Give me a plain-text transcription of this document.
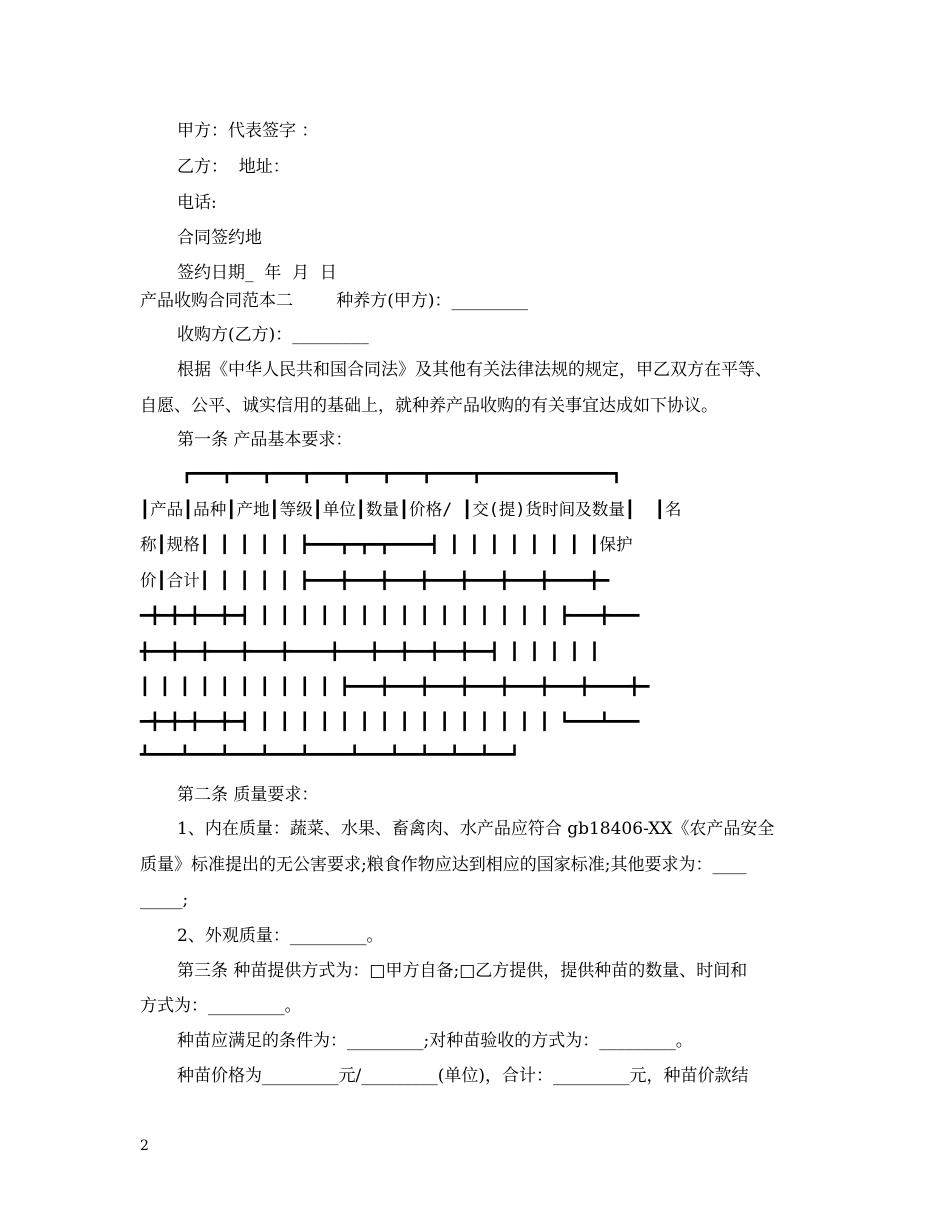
甲方：代表签字 ：
乙方：  地址：
电话:
合同签约地
签约日期_  年  月  日
产品收购合同范本二        种养方(甲方)：_________
收购方(乙方)：_________
根据《中华人民共和国合同法》及其他有关法律法规的规定，甲乙双方在平等、
自愿、公平、诚实信用的基础上，就种养产品收购的有关事宜达成如下协议。
第一条 产品基本要求：
┏━━━┳━━━┳━━━┳━━━┳━━━┳━━━┳━━━━┳━━━━━━━━━━━━━┓
┃产品┃品种┃产地┃等级┃单位┃数量┃价格/ ┃交(提)货时间及数量┃  ┃名
称┃规格┃ ┃ ┃ ┃ ┃ ┣━━━┳━┳━┳━━━━┫ ┃ ┃ ┃ ┃ ┃ ┃ ┃ ┃保护
价┃合计┃ ┃ ┃ ┃ ┃ ┣━━━╋━━━╋━━━╋━━━╋━━━╋━━━╋━━━━╋━
━╋━╋━╋━━╋━┫ ┃ ┃ ┃ ┃ ┃ ┃ ┃ ┃ ┃ ┃ ┃ ┃ ┃ ┃ ┃ ┣━━━╋━━━
╋━━╋━━╋━━━╋━━━╋━━━━╋━━━╋━━╋━━╋━━╋━━┫ ┃ ┃ ┃ ┃ ┃
┃ ┃ ┃ ┃ ┃ ┃ ┃ ┃ ┃ ┃ ┣━━━╋━━━╋━━━╋━━━╋━━━╋━━━╋━━━━╋━
━╋━╋━╋━━╋━┫ ┃ ┃ ┃ ┃ ┃ ┃ ┃ ┃ ┃ ┃ ┃ ┃ ┃ ┃ ┃ ┗━━━┻━━━
┻━━━┻━━━┻━━━┻━━━┻━━━━┻━━━┻━━┻━━┻━━┻━━┛
第二条 质量要求：
1、内在质量：蔬菜、水果、畜禽肉、水产品应符合 gb18406-XX《农产品安全
质量》标准提出的无公害要求;粮食作物应达到相应的国家标准;其他要求为：____
_____;
2、外观质量：_________。
第三条 种苗提供方式为：□甲方自备;□乙方提供，提供种苗的数量、时间和
方式为：_________。
种苗应满足的条件为：_________;对种苗验收的方式为：_________。
种苗价格为_________元/_________(单位)，合计：_________元，种苗价款结
2
